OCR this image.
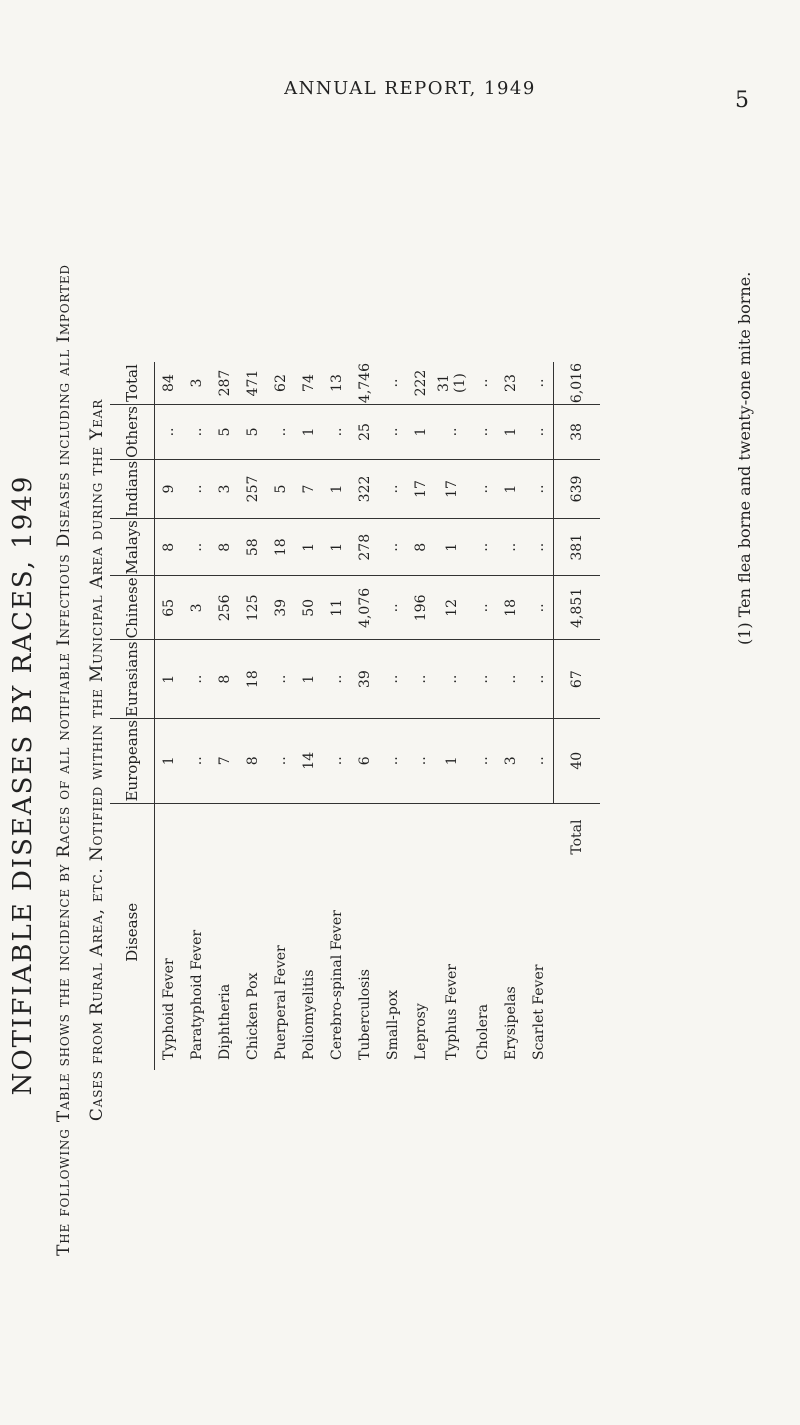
ANNUAL REPORT, 1949	5
NOTIFIABLE DISEASES BY RACES, 1949 The following Table shows the incidence by Races of all notifiable Infectious Diseases including all Imported Cases from Rural Area, etc. Notified within the Municipal Area during the Year	Disease	Europeans	Eurasians	Chinese	Malays	Indians	Others	Total
Typhoid Fever	1	1	65	8	9	..	84
Paratyphoid Fever	..	..	3	..	..	..	3
Diphtheria	7	8	256	8	3	5	287
Chicken Pox	8	18	125	58	257	5	471
Puerperal Fever	..	..	39	18	5	..	62
Poliomyelitis	14	1	50	1	7	1	74
Cerebro-spinal Fever	..	..	11	1	1	..	13
Tuberculosis	6	39	4,076	278	322	25	4,746
Small-pox	..	..	..	..	..	..	..
Leprosy	..	..	196	8	17	1	222
Typhus Fever	1	..	12	1	17	..	31 (1)
Cholera	..	..	..	..	..	..	..
Erysipelas	3	..	18	..	1	1	23
Scarlet Fever	..	..	..	..	..	..	..
Total	40	67	4,851	381	639	38	6,016	(1) Ten flea borne and twenty-one mite borne.
